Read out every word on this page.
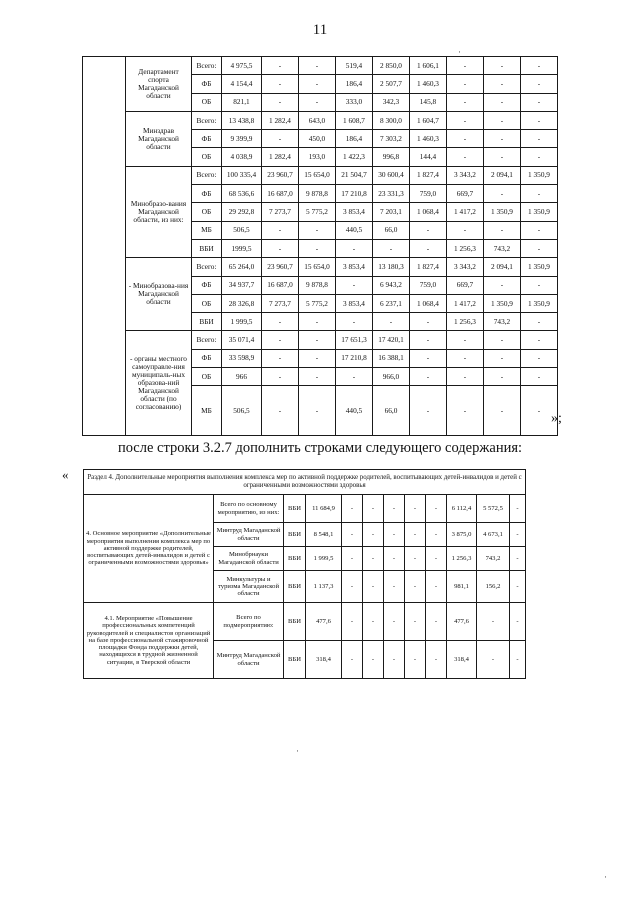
11
	Департамент спорта Магаданской области	Всего:	4 975,5	-	-	519,4	2 850,0	1 606,1	-	-	-
		ФБ	4 154,4	-	-	186,4	2 507,7	1 460,3	-	-	-
		ОБ	821,1	-	-	333,0	342,3	145,8	-	-	-
	Минздрав Магаданской области	Всего:	13 438,8	1 282,4	643,0	1 608,7	8 300,0	1 604,7	-	-	-
		ФБ	9 399,9	-	450,0	186,4	7 303,2	1 460,3	-	-	-
		ОБ	4 038,9	1 282,4	193,0	1 422,3	996,8	144,4	-	-	-
	Минобразо-вания Магаданской области, из них:	Всего:	100 335,4	23 960,7	15 654,0	21 504,7	30 600,4	1 827,4	3 343,2	2 094,1	1 350,9
		ФБ	68 536,6	16 687,0	9 878,8	17 210,8	23 331,3	759,0	669,7	-	-
		ОБ	29 292,8	7 273,7	5 775,2	3 853,4	7 203,1	1 068,4	1 417,2	1 350,9	1 350,9
		МБ	506,5	-	-	440,5	66,0	-	-	-	-
		ВБИ	1999,5	-	-	-	-	-	1 256,3	743,2	-
	- Минобразова-ния Магаданской области	Всего:	65 264,0	23 960,7	15 654,0	3 853,4	13 180,3	1 827,4	3 343,2	2 094,1	1 350,9
		ФБ	34 937,7	16 687,0	9 878,8	-	6 943,2	759,0	669,7	-	-
		ОБ	28 326,8	7 273,7	5 775,2	3 853,4	6 237,1	1 068,4	1 417,2	1 350,9	1 350,9
		ВБИ	1 999,5	-	-	-	-	-	1 256,3	743,2	-
	- органы местного самоуправле-ния муниципаль-ных образова-ний Магаданской области (по согласованию)	Всего:	35 071,4	-	-	17 651,3	17 420,1	-	-	-	-
		ФБ	33 598,9	-	-	17 210,8	16 388,1	-	-	-	-
		ОБ	966	-	-	-	966,0	-	-	-	-
		МБ	506,5	-	-	440,5	66,0	-	-	-	-
»;
после строки 3.2.7 дополнить строками следующего содержания:
«	Раздел 4. Дополнительные мероприятия выполнения комплекса мер по активной поддержке родителей, воспитывающих детей-инвалидов и детей с ограниченными возможностями здоровья											
4. Основное мероприятие «Дополнительные мероприятия выполнения комплекса мер по активной поддержке родителей, воспитывающих детей-инвалидов и детей с ограниченными возможностями здоровья»	Всего по основному мероприятию, из них:	ВБИ	11 684,9	-	-	-	-	-	6 112,4	5 572,5	-
	Минтруд Магаданской области	ВБИ	8 548,1	-	-	-	-	-	3 875,0	4 673,1	-
	Минобрнауки Магаданской области	ВБИ	1 999,5	-	-	-	-	-	1 256,3	743,2	-
	Минкультуры и туризма Магаданской области	ВБИ	1 137,3	-	-	-	-	-	981,1	156,2	-
4.1. Мероприятие «Повышение профессиональных компетенций руководителей и специалистов организаций на базе профессиональной стажировочной площадки Фонда поддержки детей, находящихся в трудной жизненной ситуации, в Тверской области	Всего по подмероприятию:	ВБИ	477,6	-	-	-	-	-	477,6	-	-
	Минтруд Магаданской области	ВБИ	318,4	-	-	-	-	-	318,4	-	-
·
·
·
